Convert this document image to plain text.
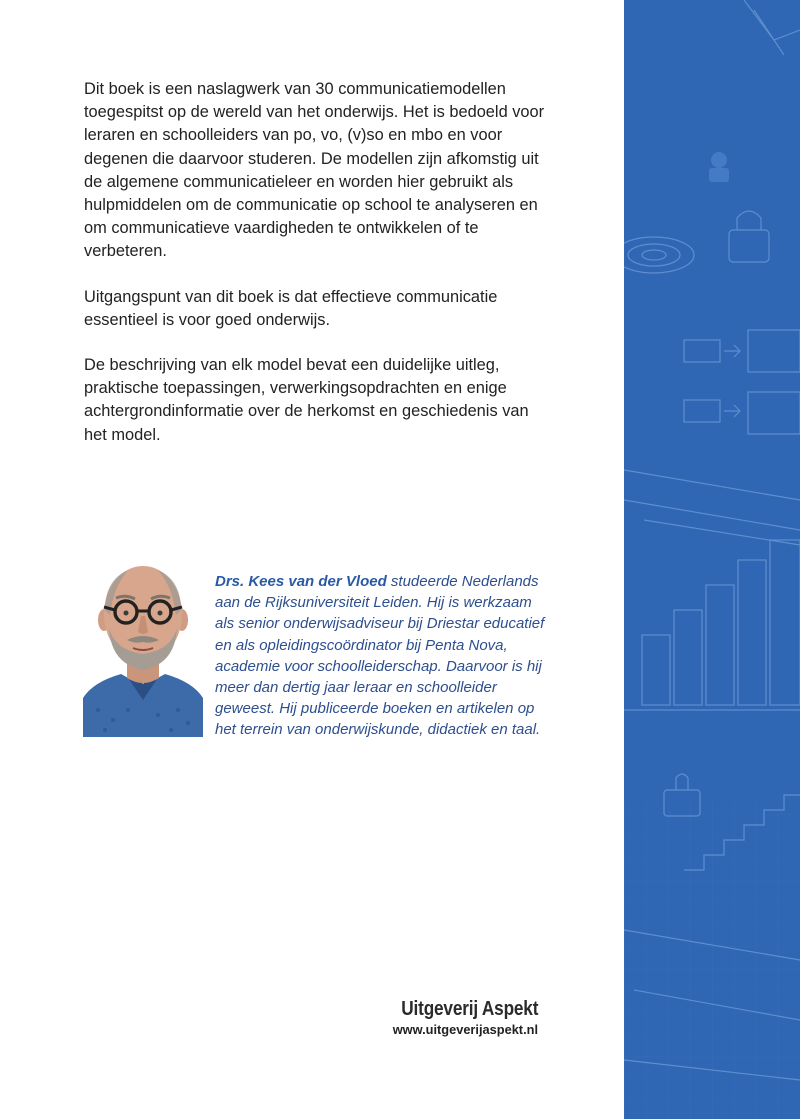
Dit boek is een naslagwerk van 30 communicatiemodellen toegespitst op de wereld van het onderwijs. Het is bedoeld voor leraren en schoolleiders van po, vo, (v)so en mbo en voor degenen die daarvoor studeren. De modellen zijn afkomstig uit de algemene communicatieleer en worden hier gebruikt als hulpmiddelen om de communicatie op school te analyseren en om communicatieve vaardigheden te ontwikkelen of te verbeteren.

Uitgangspunt van dit boek is dat effectieve communicatie essentieel is voor goed onderwijs.

De beschrijving van elk model bevat een duidelijke uitleg, praktische toepassingen, verwerkingsopdrachten en enige achtergrondinformatie over de herkomst en geschiedenis van het model.

Drs. Kees van der Vloed studeerde Nederlands aan de Rijksuniversiteit Leiden. Hij is werkzaam als senior onderwijsadviseur bij Driestar educatief en als opleidingscoördinator bij Penta Nova, academie voor schoolleiderschap. Daarvoor is hij meer dan dertig jaar leraar en schoolleider geweest. Hij publiceerde boeken en artikelen op het terrein van onderwijskunde, didactiek en taal.
Uitgeverij Aspekt
www.uitgeverijaspekt.nl
